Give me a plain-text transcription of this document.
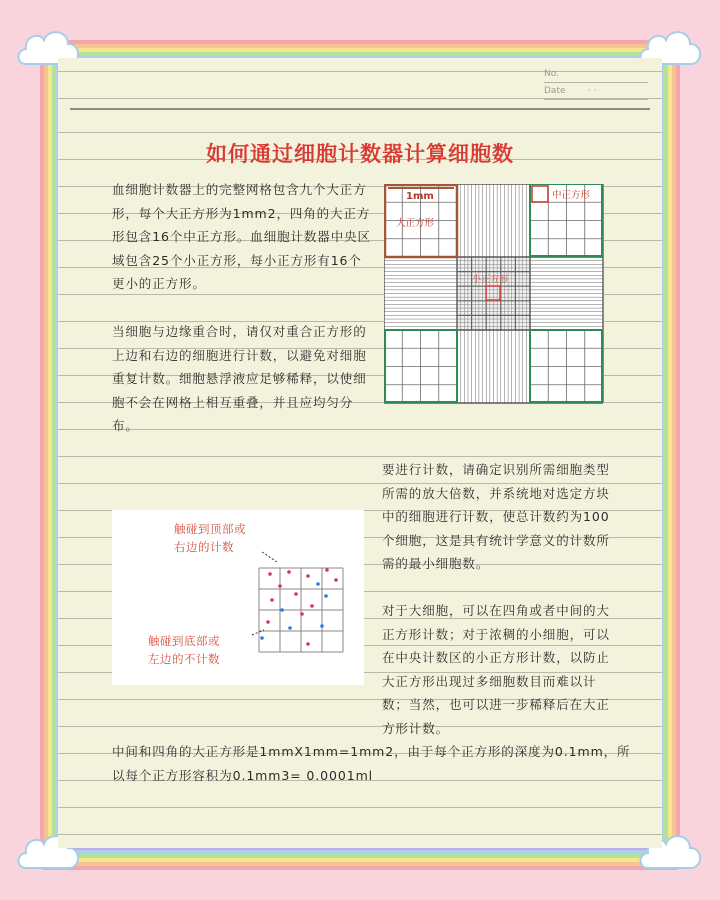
No.
Date · ·
如何通过细胞计数器计算细胞数
血细胞计数器上的完整网格包含九个大正方形，每个大正方形为1mm2，四角的大正方形包含16个中正方形。血细胞计数器中央区域包含25个小正方形，每小正方形有16个更小的正方形。
当细胞与边缘重合时，请仅对重合正方形的上边和右边的细胞进行计数，以避免对细胞重复计数。细胞悬浮液应足够稀释，以使细胞不会在网格上相互重叠，并且应均匀分布。
要进行计数，请确定识别所需细胞类型所需的放大倍数，并系统地对选定方块中的细胞进行计数，使总计数约为100个细胞，这是具有统计学意义的计数所需的最小细胞数。
对于大细胞，可以在四角或者中间的大正方形计数；对于浓稠的小细胞，可以在中央计数区的小正方形计数，以防止大正方形出现过多细胞数目而难以计数；当然，也可以进一步稀释后在大正方形计数。
中间和四角的大正方形是1mmX1mm=1mm2，由于每个正方形的深度为0.1mm，所以每个正方形容积为0.1mm3= 0.0001ml
1mm
大正方形
中正方形
小正方形
触碰到顶部或
右边的计数
触碰到底部或
左边的不计数
